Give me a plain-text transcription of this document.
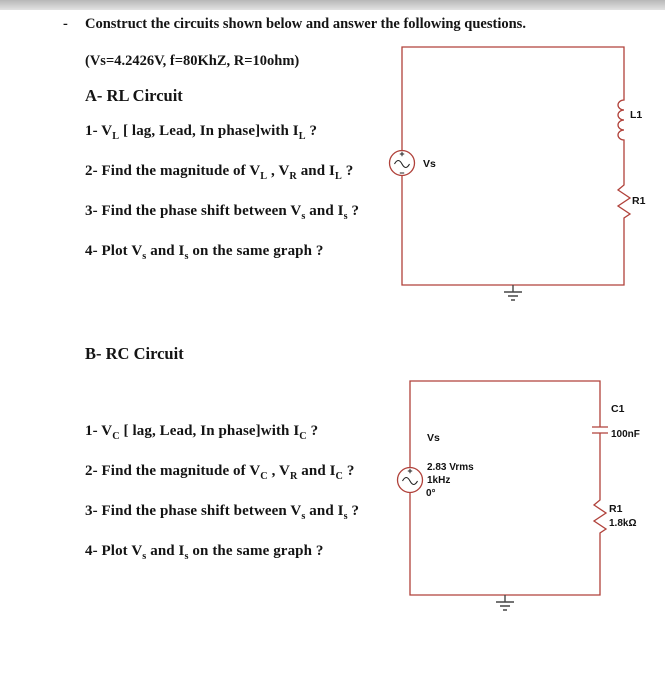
- Construct the circuits shown below and answer the following questions.
(Vs=4.2426V, f=80KhZ, R=10ohm)
A- RL Circuit
1- $V_L$ [ lag, Lead, In phase]with $I_L$ ?
2- Find the magnitude of $V_L$ , $V_R$ and $I_L$ ?
3- Find the phase shift between $V_s$ and $I_s$ ?
4- Plot $V_s$ and $I_s$ on the same graph ?
B- RC Circuit
1- $V_C$ [ lag, Lead, In phase]with $I_C$ ?
2- Find the magnitude of $V_C$ , $V_R$ and $I_C$ ?
3- Find the phase shift between $V_s$ and $I_s$ ?
4- Plot $V_s$ and $I_s$ on the same graph ?
Vs
L1
R1
Vs
2.83 Vrms
1kHz
0°
C1
100nF
R1
1.8kΩ
